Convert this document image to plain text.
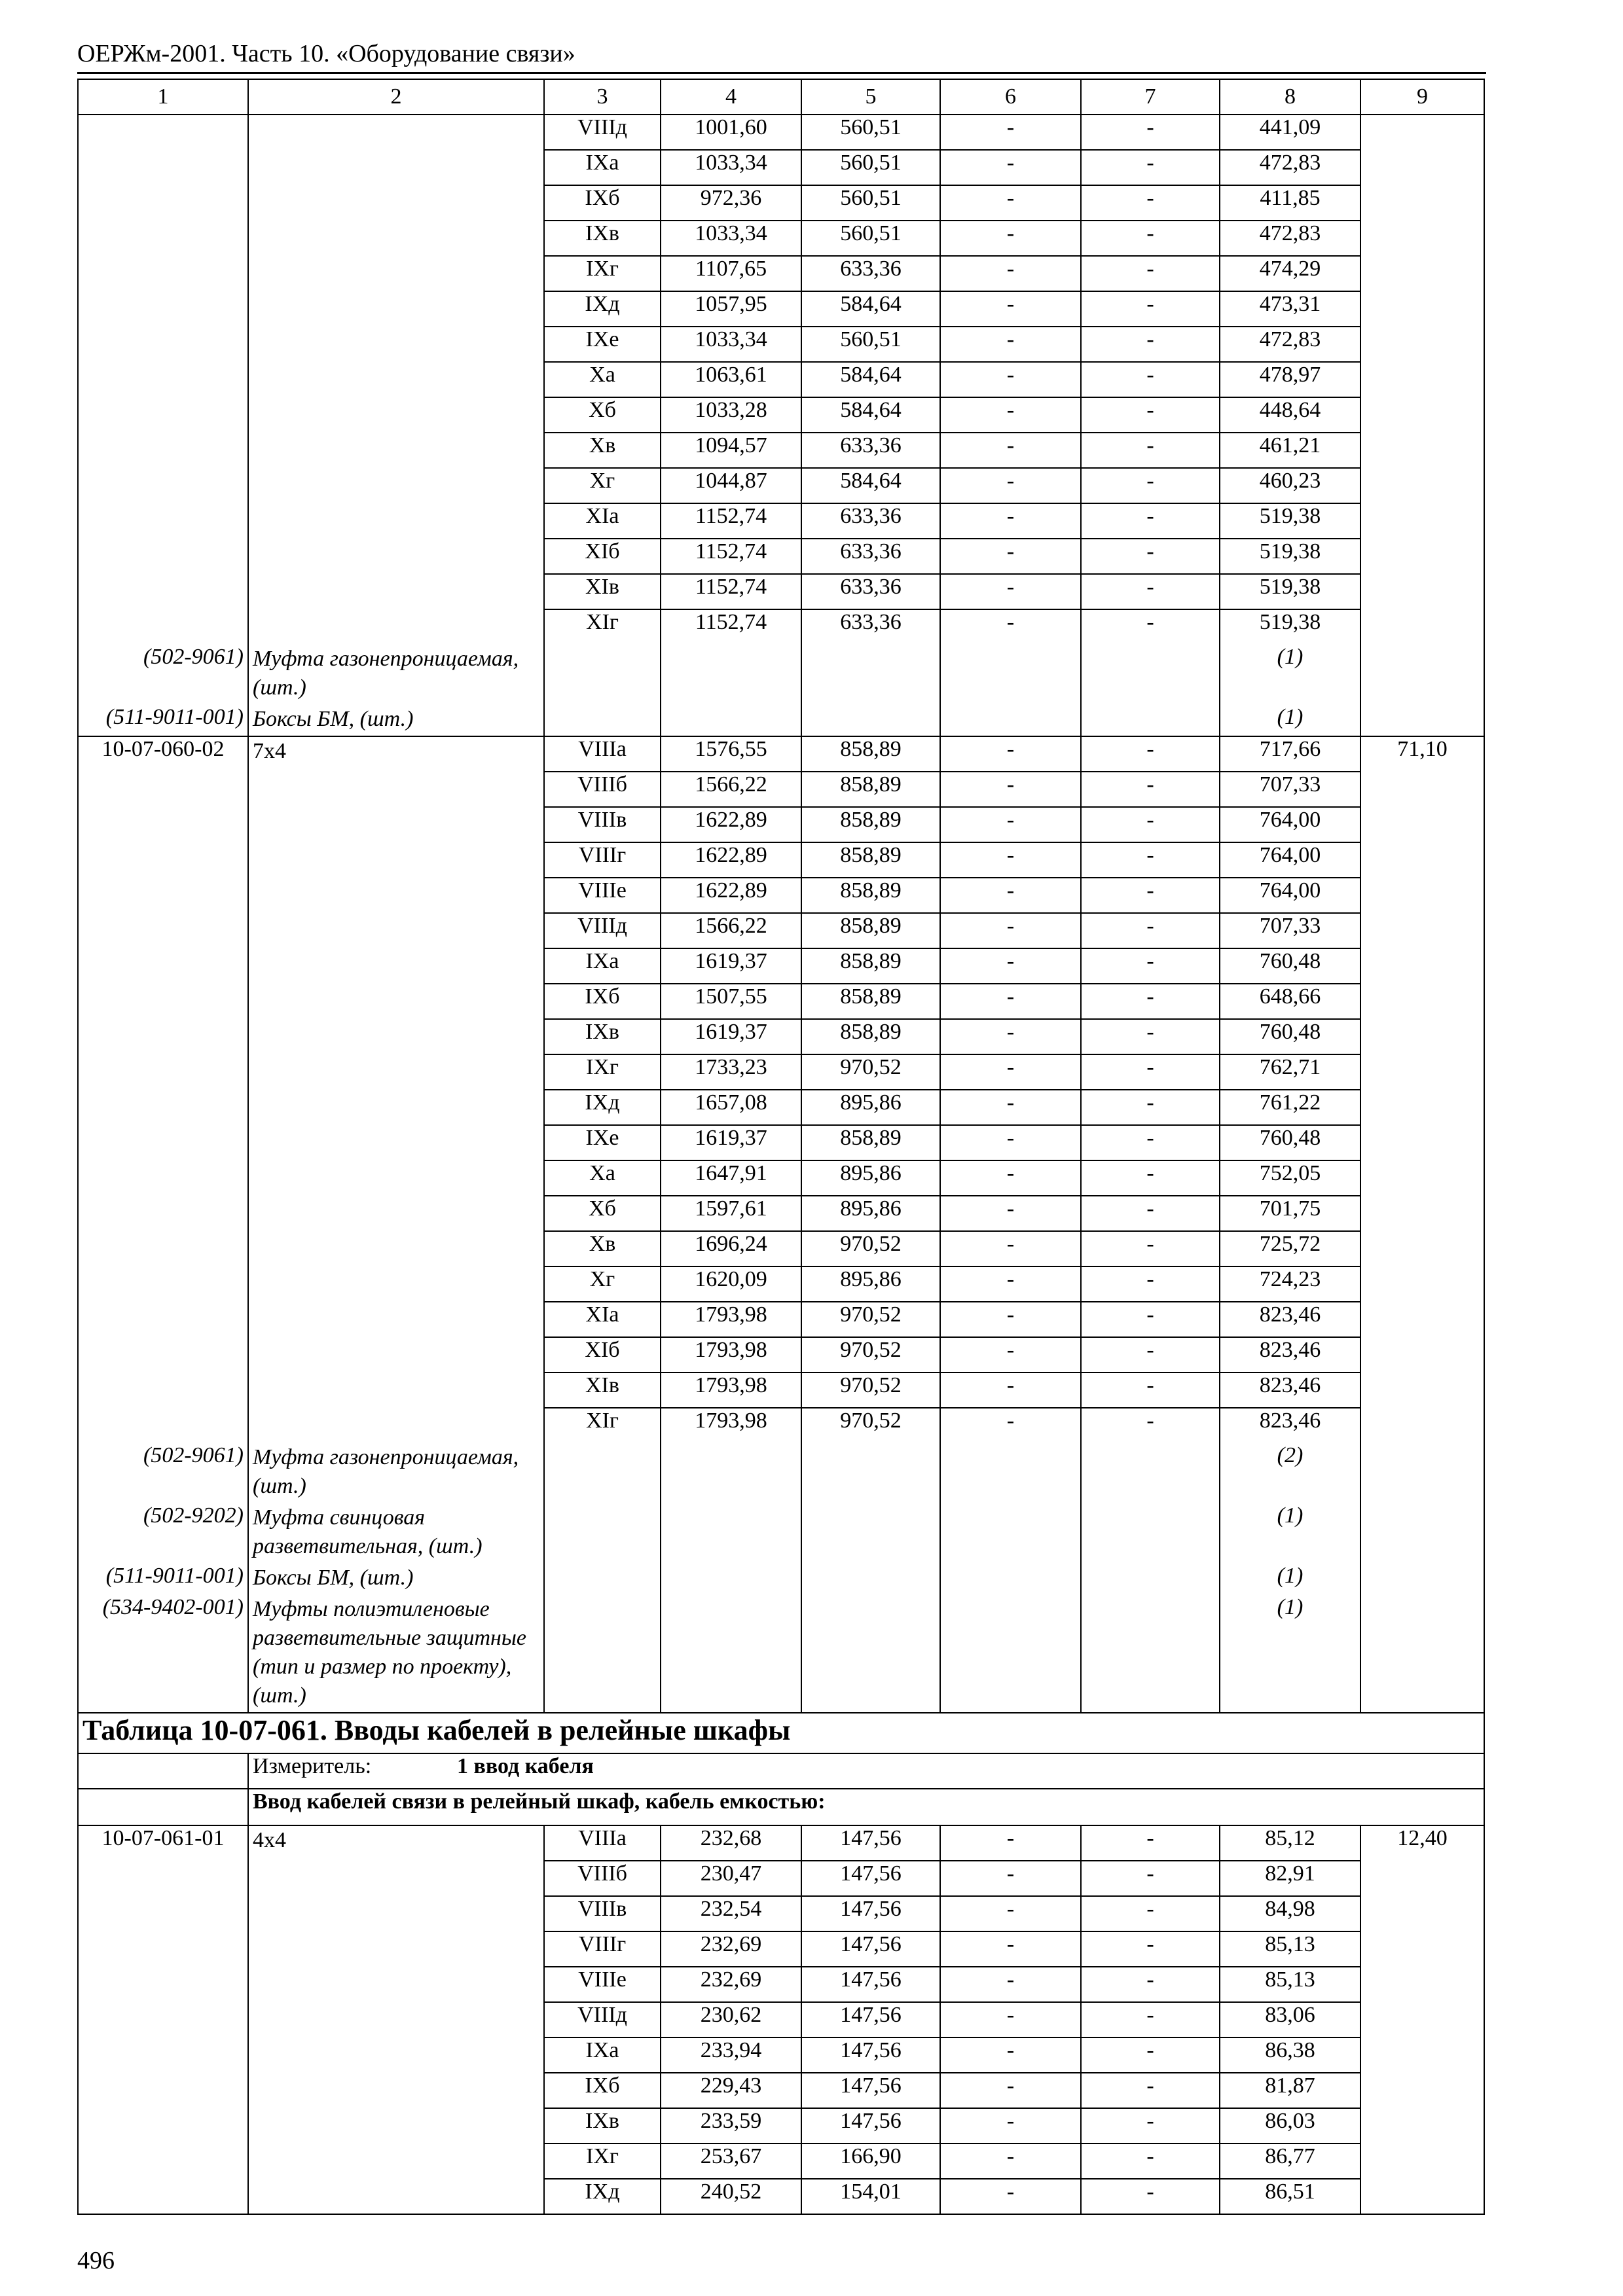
ОЕРЖм-2001. Часть 10. «Оборудование связи»
1	2	3	4	5	6	7	8	9
		VIIIд	1001,60	560,51	-	-	441,09	
		IXа	1033,34	560,51	-	-	472,83	
		IXб	972,36	560,51	-	-	411,85	
		IXв	1033,34	560,51	-	-	472,83	
		IXг	1107,65	633,36	-	-	474,29	
		IXд	1057,95	584,64	-	-	473,31	
		IXе	1033,34	560,51	-	-	472,83	
		Xа	1063,61	584,64	-	-	478,97	
		Xб	1033,28	584,64	-	-	448,64	
		Xв	1094,57	633,36	-	-	461,21	
		Xг	1044,87	584,64	-	-	460,23	
		XIа	1152,74	633,36	-	-	519,38	
		XIб	1152,74	633,36	-	-	519,38	
		XIв	1152,74	633,36	-	-	519,38	
		XIг	1152,74	633,36	-	-	519,38	
(502-9061)	Муфта газонепроницаемая, (шт.)						(1)	
(511-9011-001)	Боксы БМ, (шт.)						(1)	
10-07-060-02	7х4	VIIIа	1576,55	858,89	-	-	717,66	71,10
		VIIIб	1566,22	858,89	-	-	707,33	
		VIIIв	1622,89	858,89	-	-	764,00	
		VIIIг	1622,89	858,89	-	-	764,00	
		VIIIе	1622,89	858,89	-	-	764,00	
		VIIIд	1566,22	858,89	-	-	707,33	
		IXа	1619,37	858,89	-	-	760,48	
		IXб	1507,55	858,89	-	-	648,66	
		IXв	1619,37	858,89	-	-	760,48	
		IXг	1733,23	970,52	-	-	762,71	
		IXд	1657,08	895,86	-	-	761,22	
		IXе	1619,37	858,89	-	-	760,48	
		Xа	1647,91	895,86	-	-	752,05	
		Xб	1597,61	895,86	-	-	701,75	
		Xв	1696,24	970,52	-	-	725,72	
		Xг	1620,09	895,86	-	-	724,23	
		XIа	1793,98	970,52	-	-	823,46	
		XIб	1793,98	970,52	-	-	823,46	
		XIв	1793,98	970,52	-	-	823,46	
		XIг	1793,98	970,52	-	-	823,46	
(502-9061)	Муфта газонепроницаемая, (шт.)						(2)	
(502-9202)	Муфта свинцовая разветвительная, (шт.)						(1)	
(511-9011-001)	Боксы БМ, (шт.)						(1)	
(534-9402-001)	Муфты полиэтиленовые разветвительные защитные (тип и размер по проекту), (шт.)						(1)	
Таблица 10-07-061. Вводы кабелей в релейные шкафы								
	Измеритель: 1 ввод кабеля							
	Ввод кабелей связи в релейный шкаф, кабель емкостью:							
10-07-061-01	4х4	VIIIа	232,68	147,56	-	-	85,12	12,40
		VIIIб	230,47	147,56	-	-	82,91	
		VIIIв	232,54	147,56	-	-	84,98	
		VIIIг	232,69	147,56	-	-	85,13	
		VIIIе	232,69	147,56	-	-	85,13	
		VIIIд	230,62	147,56	-	-	83,06	
		IXа	233,94	147,56	-	-	86,38	
		IXб	229,43	147,56	-	-	81,87	
		IXв	233,59	147,56	-	-	86,03	
		IXг	253,67	166,90	-	-	86,77	
		IXд	240,52	154,01	-	-	86,51	
496
